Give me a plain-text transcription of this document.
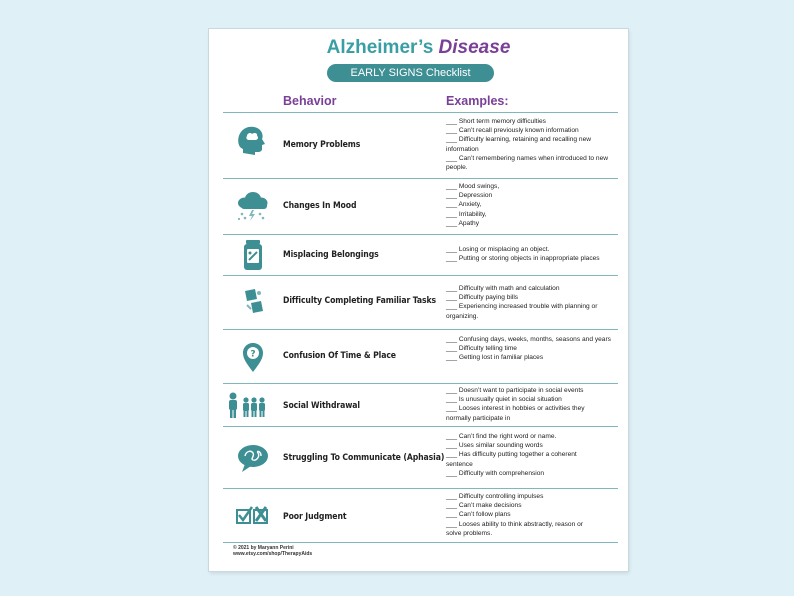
Alzheimer’s Disease
EARLY SIGNS Checklist
Behavior	Examples:
Memory Problems
___ Short term memory difficulties
___ Can’t recall previously known information
___ Difficulty learning, retaining and recalling new information
___ Can’t remembering names when introduced to new people.
Changes In Mood
___ Mood swings,
___ Depression
___ Anxiety,
___ Irritability,
___ Apathy
Misplacing Belongings
___ Losing or misplacing an object.
___ Putting or storing objects in inappropriate places
Difficulty Completing Familiar Tasks
___ Difficulty with math and calculation
___ Difficulty paying bills
___ Experiencing increased trouble with planning or organizing.
?	Confusion Of Time & Place
___ Confusing days, weeks, months, seasons and years
___ Difficulty telling time
___ Getting lost in familiar places
Social Withdrawal
___ Doesn’t want to participate in social events
___ Is unusually quiet in social situation
___ Looses interest in hobbies or activities they normally participate in
Struggling To Communicate (Aphasia)
___ Can’t find the right word or name.
___ Uses similar sounding words
___ Has difficulty putting together a coherent sentence
___ Difficulty with comprehension
Poor Judgment
___ Difficulty controlling impulses
___ Can’t make decisions
___ Can’t follow plans
___ Looses ability to think abstractly, reason or solve problems.
© 2021 by Maryann Perini
www.etsy.com/shop/TherapyAids
